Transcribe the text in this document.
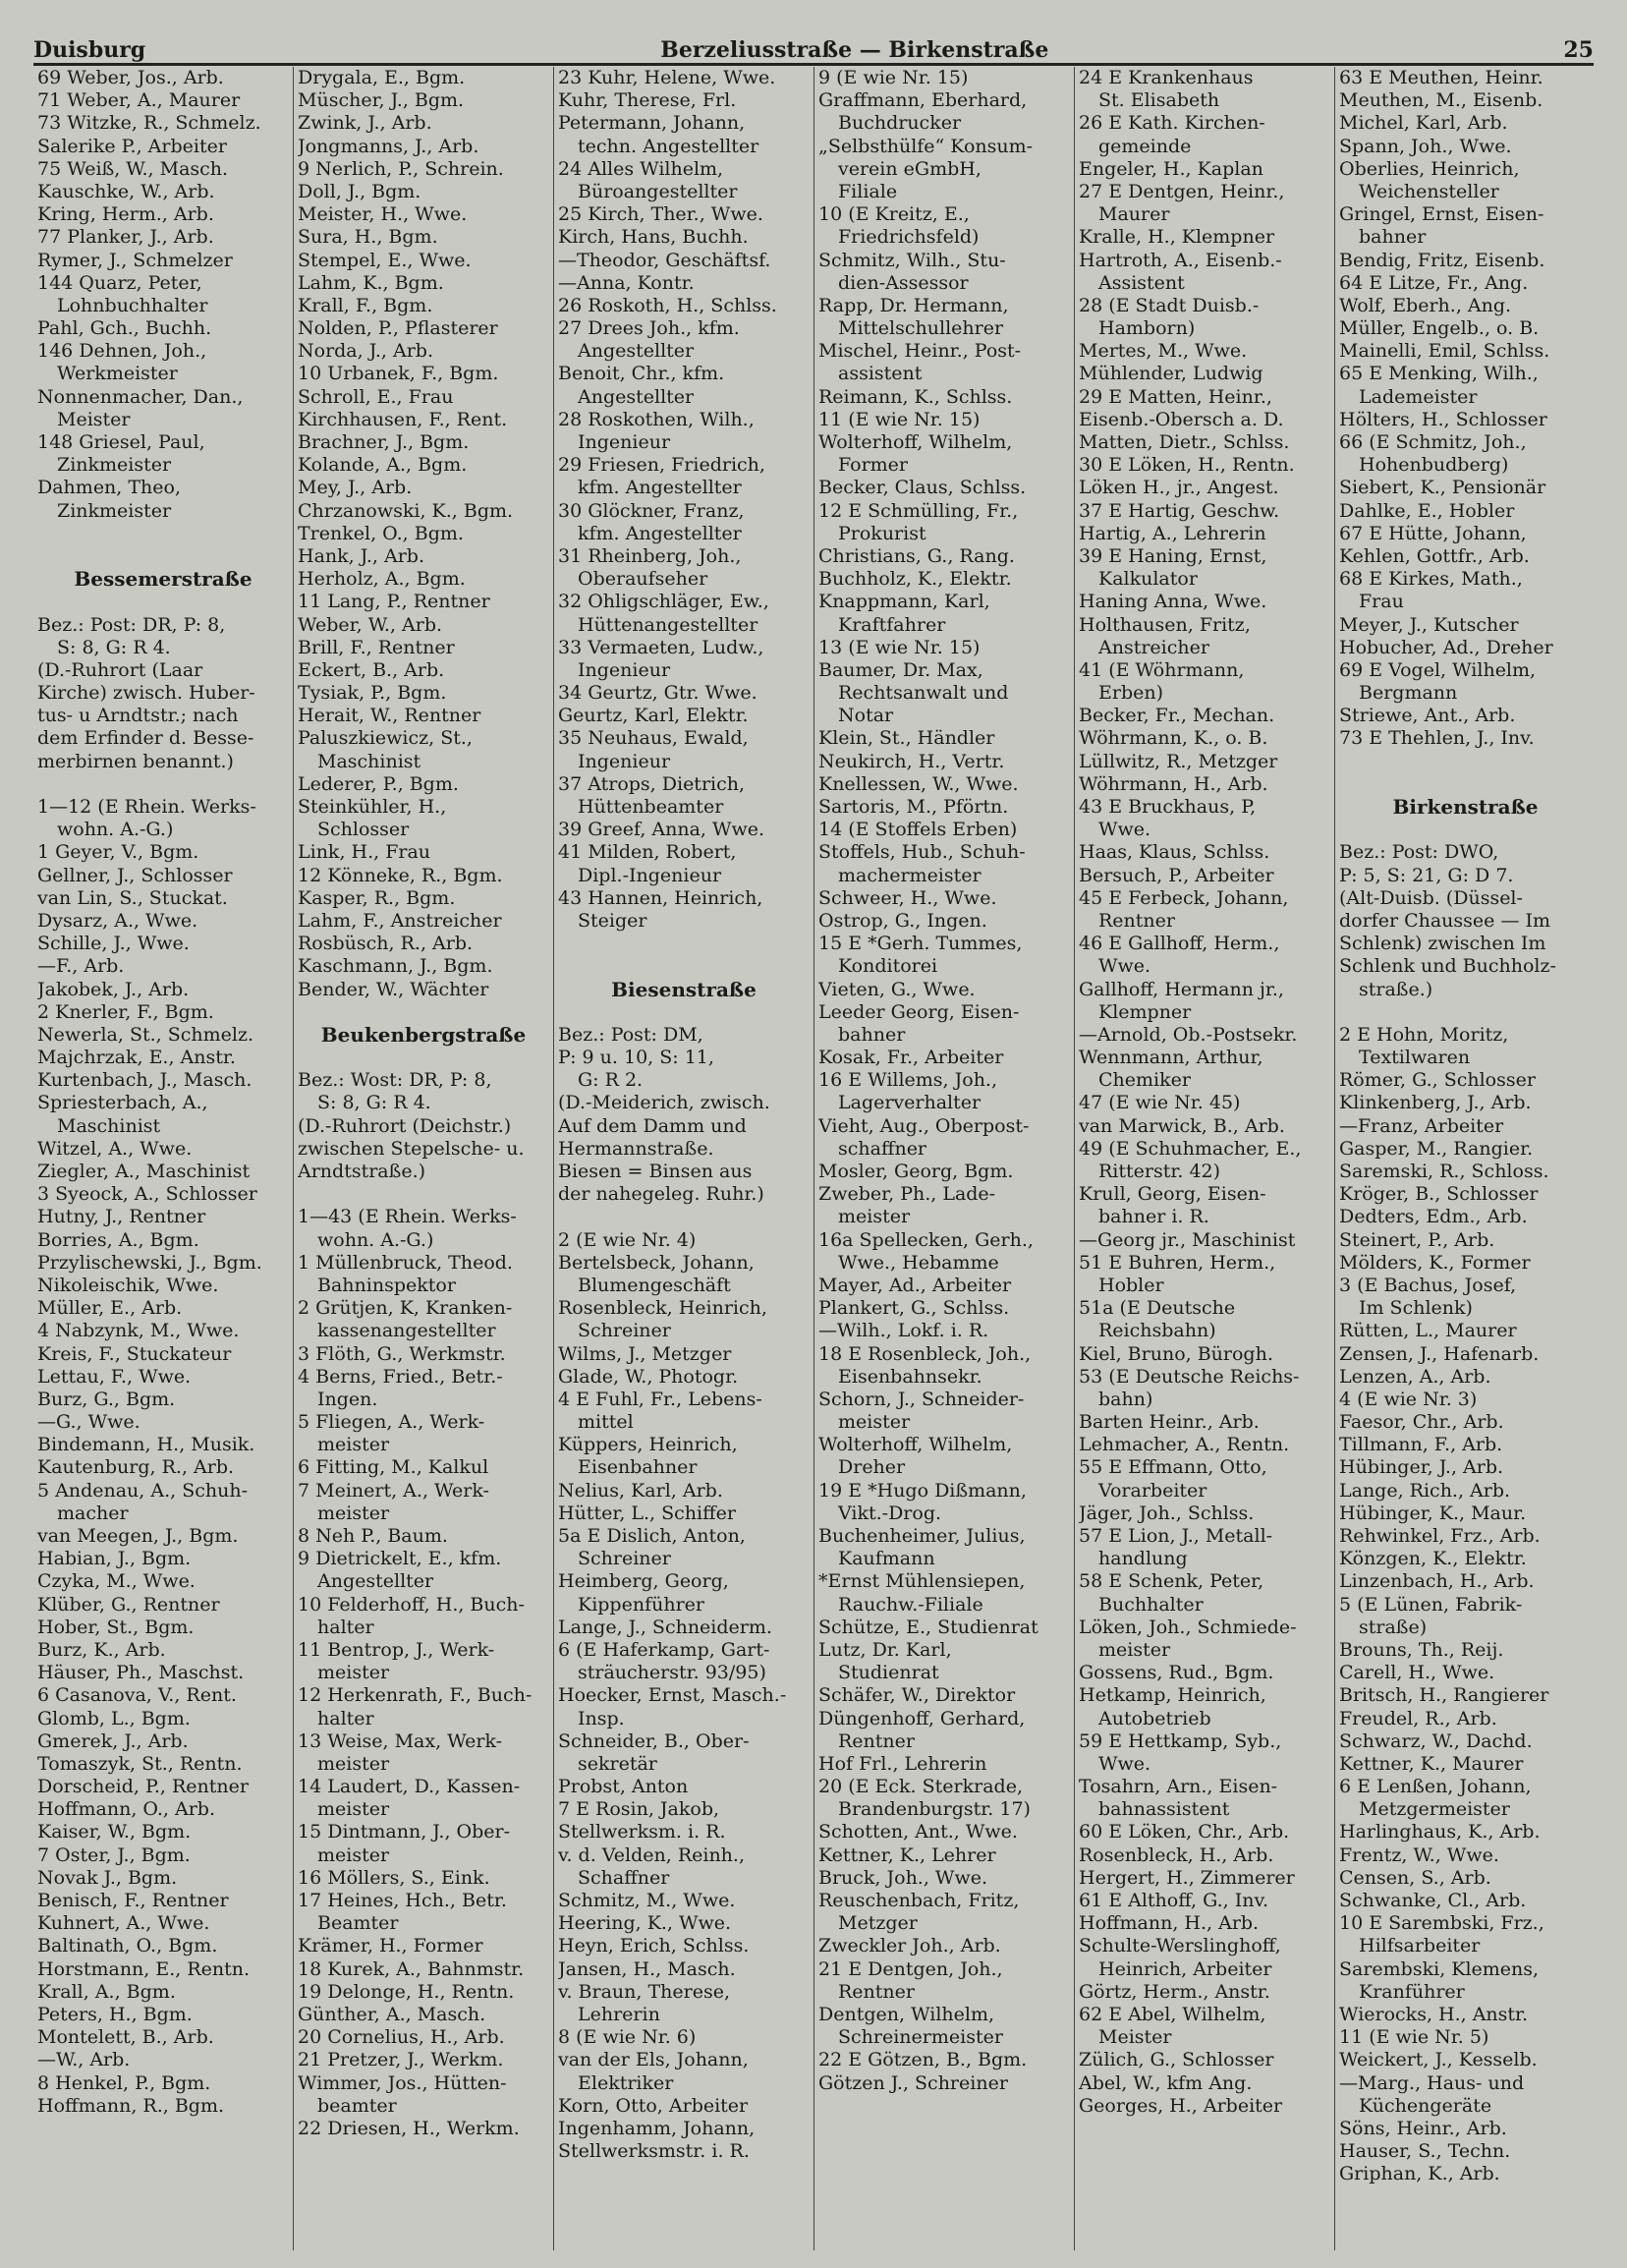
Duisburg	Berzeliusstraße — Birkenstraße	25
69 Weber, Jos., Arb.
71 Weber, A., Maurer
73 Witzke, R., Schmelz.
Salerike P., Arbeiter
75 Weiß, W., Masch.
Kauschke, W., Arb.
Kring, Herm., Arb.
77 Planker, J., Arb.
Rymer, J., Schmelzer
144 Quarz, Peter,
Lohnbuchhalter
Pahl, Gch., Buchh.
146 Dehnen, Joh.,
Werkmeister
Nonnenmacher, Dan.,
Meister
148 Griesel, Paul,
Zinkmeister
Dahmen, Theo,
Zinkmeister
Bessemerstraße
Bez.: Post: DR, P: 8,
S: 8, G: R 4.
(D.-Ruhrort (Laar
Kirche) zwisch. Huber-
tus- u Arndtstr.; nach
dem Erfinder d. Besse-
merbirnen benannt.)
1—12 (E Rhein. Werks-
wohn. A.-G.)
1 Geyer, V., Bgm.
Gellner, J., Schlosser
van Lin, S., Stuckat.
Dysarz, A., Wwe.
Schille, J., Wwe.
—F., Arb.
Jakobek, J., Arb.
2 Knerler, F., Bgm.
Newerla, St., Schmelz.
Majchrzak, E., Anstr.
Kurtenbach, J., Masch.
Spriesterbach, A.,
Maschinist
Witzel, A., Wwe.
Ziegler, A., Maschinist
3 Syeock, A., Schlosser
Hutny, J., Rentner
Borries, A., Bgm.
Przylischewski, J., Bgm.
Nikoleischik, Wwe.
Müller, E., Arb.
4 Nabzynk, M., Wwe.
Kreis, F., Stuckateur
Lettau, F., Wwe.
Burz, G., Bgm.
—G., Wwe.
Bindemann, H., Musik.
Kautenburg, R., Arb.
5 Andenau, A., Schuh-
macher
van Meegen, J., Bgm.
Habian, J., Bgm.
Czyka, M., Wwe.
Klüber, G., Rentner
Hober, St., Bgm.
Burz, K., Arb.
Häuser, Ph., Maschst.
6 Casanova, V., Rent.
Glomb, L., Bgm.
Gmerek, J., Arb.
Tomaszyk, St., Rentn.
Dorscheid, P., Rentner
Hoffmann, O., Arb.
Kaiser, W., Bgm.
7 Oster, J., Bgm.
Novak J., Bgm.
Benisch, F., Rentner
Kuhnert, A., Wwe.
Baltinath, O., Bgm.
Horstmann, E., Rentn.
Krall, A., Bgm.
Peters, H., Bgm.
Montelett, B., Arb.
—W., Arb.
8 Henkel, P., Bgm.
Hoffmann, R., Bgm.
Drygala, E., Bgm.
Müscher, J., Bgm.
Zwink, J., Arb.
Jongmanns, J., Arb.
9 Nerlich, P., Schrein.
Doll, J., Bgm.
Meister, H., Wwe.
Sura, H., Bgm.
Stempel, E., Wwe.
Lahm, K., Bgm.
Krall, F., Bgm.
Nolden, P., Pflasterer
Norda, J., Arb.
10 Urbanek, F., Bgm.
Schroll, E., Frau
Kirchhausen, F., Rent.
Brachner, J., Bgm.
Kolande, A., Bgm.
Mey, J., Arb.
Chrzanowski, K., Bgm.
Trenkel, O., Bgm.
Hank, J., Arb.
Herholz, A., Bgm.
11 Lang, P., Rentner
Weber, W., Arb.
Brill, F., Rentner
Eckert, B., Arb.
Tysiak, P., Bgm.
Herait, W., Rentner
Paluszkiewicz, St.,
Maschinist
Lederer, P., Bgm.
Steinkühler, H.,
Schlosser
Link, H., Frau
12 Könneke, R., Bgm.
Kasper, R., Bgm.
Lahm, F., Anstreicher
Rosbüsch, R., Arb.
Kaschmann, J., Bgm.
Bender, W., Wächter
Beukenbergstraße
Bez.: Wost: DR, P: 8,
S: 8, G: R 4.
(D.-Ruhrort (Deichstr.)
zwischen Stepelsche- u.
Arndtstraße.)
1—43 (E Rhein. Werks-
wohn. A.-G.)
1 Müllenbruck, Theod.
Bahninspektor
2 Grütjen, K, Kranken-
kassenangestellter
3 Flöth, G., Werkmstr.
4 Berns, Fried., Betr.-
Ingen.
5 Fliegen, A., Werk-
meister
6 Fitting, M., Kalkul
7 Meinert, A., Werk-
meister
8 Neh P., Baum.
9 Dietrickelt, E., kfm.
Angestellter
10 Felderhoff, H., Buch-
halter
11 Bentrop, J., Werk-
meister
12 Herkenrath, F., Buch-
halter
13 Weise, Max, Werk-
meister
14 Laudert, D., Kassen-
meister
15 Dintmann, J., Ober-
meister
16 Möllers, S., Eink.
17 Heines, Hch., Betr.
Beamter
Krämer, H., Former
18 Kurek, A., Bahnmstr.
19 Delonge, H., Rentn.
Günther, A., Masch.
20 Cornelius, H., Arb.
21 Pretzer, J., Werkm.
Wimmer, Jos., Hütten-
beamter
22 Driesen, H., Werkm.
23 Kuhr, Helene, Wwe.
Kuhr, Therese, Frl.
Petermann, Johann,
techn. Angestellter
24 Alles Wilhelm,
Büroangestellter
25 Kirch, Ther., Wwe.
Kirch, Hans, Buchh.
—Theodor, Geschäftsf.
—Anna, Kontr.
26 Roskoth, H., Schlss.
27 Drees Joh., kfm.
Angestellter
Benoit, Chr., kfm.
Angestellter
28 Roskothen, Wilh.,
Ingenieur
29 Friesen, Friedrich,
kfm. Angestellter
30 Glöckner, Franz,
kfm. Angestellter
31 Rheinberg, Joh.,
Oberaufseher
32 Ohligschläger, Ew.,
Hüttenangestellter
33 Vermaeten, Ludw.,
Ingenieur
34 Geurtz, Gtr. Wwe.
Geurtz, Karl, Elektr.
35 Neuhaus, Ewald,
Ingenieur
37 Atrops, Dietrich,
Hüttenbeamter
39 Greef, Anna, Wwe.
41 Milden, Robert,
Dipl.-Ingenieur
43 Hannen, Heinrich,
Steiger
Biesenstraße
Bez.: Post: DM,
P: 9 u. 10, S: 11,
G: R 2.
(D.-Meiderich, zwisch.
Auf dem Damm und
Hermannstraße.
Biesen = Binsen aus
der nahegeleg. Ruhr.)
2 (E wie Nr. 4)
Bertelsbeck, Johann,
Blumengeschäft
Rosenbleck, Heinrich,
Schreiner
Wilms, J., Metzger
Glade, W., Photogr.
4 E Fuhl, Fr., Lebens-
mittel
Küppers, Heinrich,
Eisenbahner
Nelius, Karl, Arb.
Hütter, L., Schiffer
5a E Dislich, Anton,
Schreiner
Heimberg, Georg,
Kippenführer
Lange, J., Schneiderm.
6 (E Haferkamp, Gart-
sträucherstr. 93/95)
Hoecker, Ernst, Masch.-
Insp.
Schneider, B., Ober-
sekretär
Probst, Anton
7 E Rosin, Jakob,
Stellwerksm. i. R.
v. d. Velden, Reinh.,
Schaffner
Schmitz, M., Wwe.
Heering, K., Wwe.
Heyn, Erich, Schlss.
Jansen, H., Masch.
v. Braun, Therese,
Lehrerin
8 (E wie Nr. 6)
van der Els, Johann,
Elektriker
Korn, Otto, Arbeiter
Ingenhamm, Johann,
Stellwerksmstr. i. R.
9 (E wie Nr. 15)
Graffmann, Eberhard,
Buchdrucker
„Selbsthülfe“ Konsum-
verein eGmbH,
Filiale
10 (E Kreitz, E.,
Friedrichsfeld)
Schmitz, Wilh., Stu-
dien-Assessor
Rapp, Dr. Hermann,
Mittelschullehrer
Mischel, Heinr., Post-
assistent
Reimann, K., Schlss.
11 (E wie Nr. 15)
Wolterhoff, Wilhelm,
Former
Becker, Claus, Schlss.
12 E Schmülling, Fr.,
Prokurist
Christians, G., Rang.
Buchholz, K., Elektr.
Knappmann, Karl,
Kraftfahrer
13 (E wie Nr. 15)
Baumer, Dr. Max,
Rechtsanwalt und
Notar
Klein, St., Händler
Neukirch, H., Vertr.
Knellessen, W., Wwe.
Sartoris, M., Pförtn.
14 (E Stoffels Erben)
Stoffels, Hub., Schuh-
machermeister
Schweer, H., Wwe.
Ostrop, G., Ingen.
15 E *Gerh. Tummes,
Konditorei
Vieten, G., Wwe.
Leeder Georg, Eisen-
bahner
Kosak, Fr., Arbeiter
16 E Willems, Joh.,
Lagerverhalter
Vieht, Aug., Oberpost-
schaffner
Mosler, Georg, Bgm.
Zweber, Ph., Lade-
meister
16a Spellecken, Gerh.,
Wwe., Hebamme
Mayer, Ad., Arbeiter
Plankert, G., Schlss.
—Wilh., Lokf. i. R.
18 E Rosenbleck, Joh.,
Eisenbahnsekr.
Schorn, J., Schneider-
meister
Wolterhoff, Wilhelm,
Dreher
19 E *Hugo Dißmann,
Vikt.-Drog.
Buchenheimer, Julius,
Kaufmann
*Ernst Mühlensiepen,
Rauchw.-Filiale
Schütze, E., Studienrat
Lutz, Dr. Karl,
Studienrat
Schäfer, W., Direktor
Düngenhoff, Gerhard,
Rentner
Hof Frl., Lehrerin
20 (E Eck. Sterkrade,
Brandenburgstr. 17)
Schotten, Ant., Wwe.
Kettner, K., Lehrer
Bruck, Joh., Wwe.
Reuschenbach, Fritz,
Metzger
Zweckler Joh., Arb.
21 E Dentgen, Joh.,
Rentner
Dentgen, Wilhelm,
Schreinermeister
22 E Götzen, B., Bgm.
Götzen J., Schreiner
24 E Krankenhaus
St. Elisabeth
26 E Kath. Kirchen-
gemeinde
Engeler, H., Kaplan
27 E Dentgen, Heinr.,
Maurer
Kralle, H., Klempner
Hartroth, A., Eisenb.-
Assistent
28 (E Stadt Duisb.-
Hamborn)
Mertes, M., Wwe.
Mühlender, Ludwig
29 E Matten, Heinr.,
Eisenb.-Obersch a. D.
Matten, Dietr., Schlss.
30 E Löken, H., Rentn.
Löken H., jr., Angest.
37 E Hartig, Geschw.
Hartig, A., Lehrerin
39 E Haning, Ernst,
Kalkulator
Haning Anna, Wwe.
Holthausen, Fritz,
Anstreicher
41 (E Wöhrmann,
Erben)
Becker, Fr., Mechan.
Wöhrmann, K., o. B.
Lüllwitz, R., Metzger
Wöhrmann, H., Arb.
43 E Bruckhaus, P,
Wwe.
Haas, Klaus, Schlss.
Bersuch, P., Arbeiter
45 E Ferbeck, Johann,
Rentner
46 E Gallhoff, Herm.,
Wwe.
Gallhoff, Hermann jr.,
Klempner
—Arnold, Ob.-Postsekr.
Wennmann, Arthur,
Chemiker
47 (E wie Nr. 45)
van Marwick, B., Arb.
49 (E Schuhmacher, E.,
Ritterstr. 42)
Krull, Georg, Eisen-
bahner i. R.
—Georg jr., Maschinist
51 E Buhren, Herm.,
Hobler
51a (E Deutsche
Reichsbahn)
Kiel, Bruno, Bürogh.
53 (E Deutsche Reichs-
bahn)
Barten Heinr., Arb.
Lehmacher, A., Rentn.
55 E Effmann, Otto,
Vorarbeiter
Jäger, Joh., Schlss.
57 E Lion, J., Metall-
handlung
58 E Schenk, Peter,
Buchhalter
Löken, Joh., Schmiede-
meister
Gossens, Rud., Bgm.
Hetkamp, Heinrich,
Autobetrieb
59 E Hettkamp, Syb.,
Wwe.
Tosahrn, Arn., Eisen-
bahnassistent
60 E Löken, Chr., Arb.
Rosenbleck, H., Arb.
Hergert, H., Zimmerer
61 E Althoff, G., Inv.
Hoffmann, H., Arb.
Schulte-Werslinghoff,
Heinrich, Arbeiter
Görtz, Herm., Anstr.
62 E Abel, Wilhelm,
Meister
Zülich, G., Schlosser
Abel, W., kfm Ang.
Georges, H., Arbeiter
63 E Meuthen, Heinr.
Meuthen, M., Eisenb.
Michel, Karl, Arb.
Spann, Joh., Wwe.
Oberlies, Heinrich,
Weichensteller
Gringel, Ernst, Eisen-
bahner
Bendig, Fritz, Eisenb.
64 E Litze, Fr., Ang.
Wolf, Eberh., Ang.
Müller, Engelb., o. B.
Mainelli, Emil, Schlss.
65 E Menking, Wilh.,
Lademeister
Hölters, H., Schlosser
66 (E Schmitz, Joh.,
Hohenbudberg)
Siebert, K., Pensionär
Dahlke, E., Hobler
67 E Hütte, Johann,
Kehlen, Gottfr., Arb.
68 E Kirkes, Math.,
Frau
Meyer, J., Kutscher
Hobucher, Ad., Dreher
69 E Vogel, Wilhelm,
Bergmann
Striewe, Ant., Arb.
73 E Thehlen, J., Inv.
Birkenstraße
Bez.: Post: DWO,
P: 5, S: 21, G: D 7.
(Alt-Duisb. (Düssel-
dorfer Chaussee — Im
Schlenk) zwischen Im
Schlenk und Buchholz-
straße.)
2 E Hohn, Moritz,
Textilwaren
Römer, G., Schlosser
Klinkenberg, J., Arb.
—Franz, Arbeiter
Gasper, M., Rangier.
Saremski, R., Schloss.
Kröger, B., Schlosser
Dedters, Edm., Arb.
Steinert, P., Arb.
Mölders, K., Former
3 (E Bachus, Josef,
Im Schlenk)
Rütten, L., Maurer
Zensen, J., Hafenarb.
Lenzen, A., Arb.
4 (E wie Nr. 3)
Faesor, Chr., Arb.
Tillmann, F., Arb.
Hübinger, J., Arb.
Lange, Rich., Arb.
Hübinger, K., Maur.
Rehwinkel, Frz., Arb.
Könzgen, K., Elektr.
Linzenbach, H., Arb.
5 (E Lünen, Fabrik-
straße)
Brouns, Th., Reij.
Carell, H., Wwe.
Britsch, H., Rangierer
Freudel, R., Arb.
Schwarz, W., Dachd.
Kettner, K., Maurer
6 E Lenßen, Johann,
Metzgermeister
Harlinghaus, K., Arb.
Frentz, W., Wwe.
Censen, S., Arb.
Schwanke, Cl., Arb.
10 E Sarembski, Frz.,
Hilfsarbeiter
Sarembski, Klemens,
Kranführer
Wierocks, H., Anstr.
11 (E wie Nr. 5)
Weickert, J., Kesselb.
—Marg., Haus- und
Küchengeräte
Söns, Heinr., Arb.
Hauser, S., Techn.
Griphan, K., Arb.
